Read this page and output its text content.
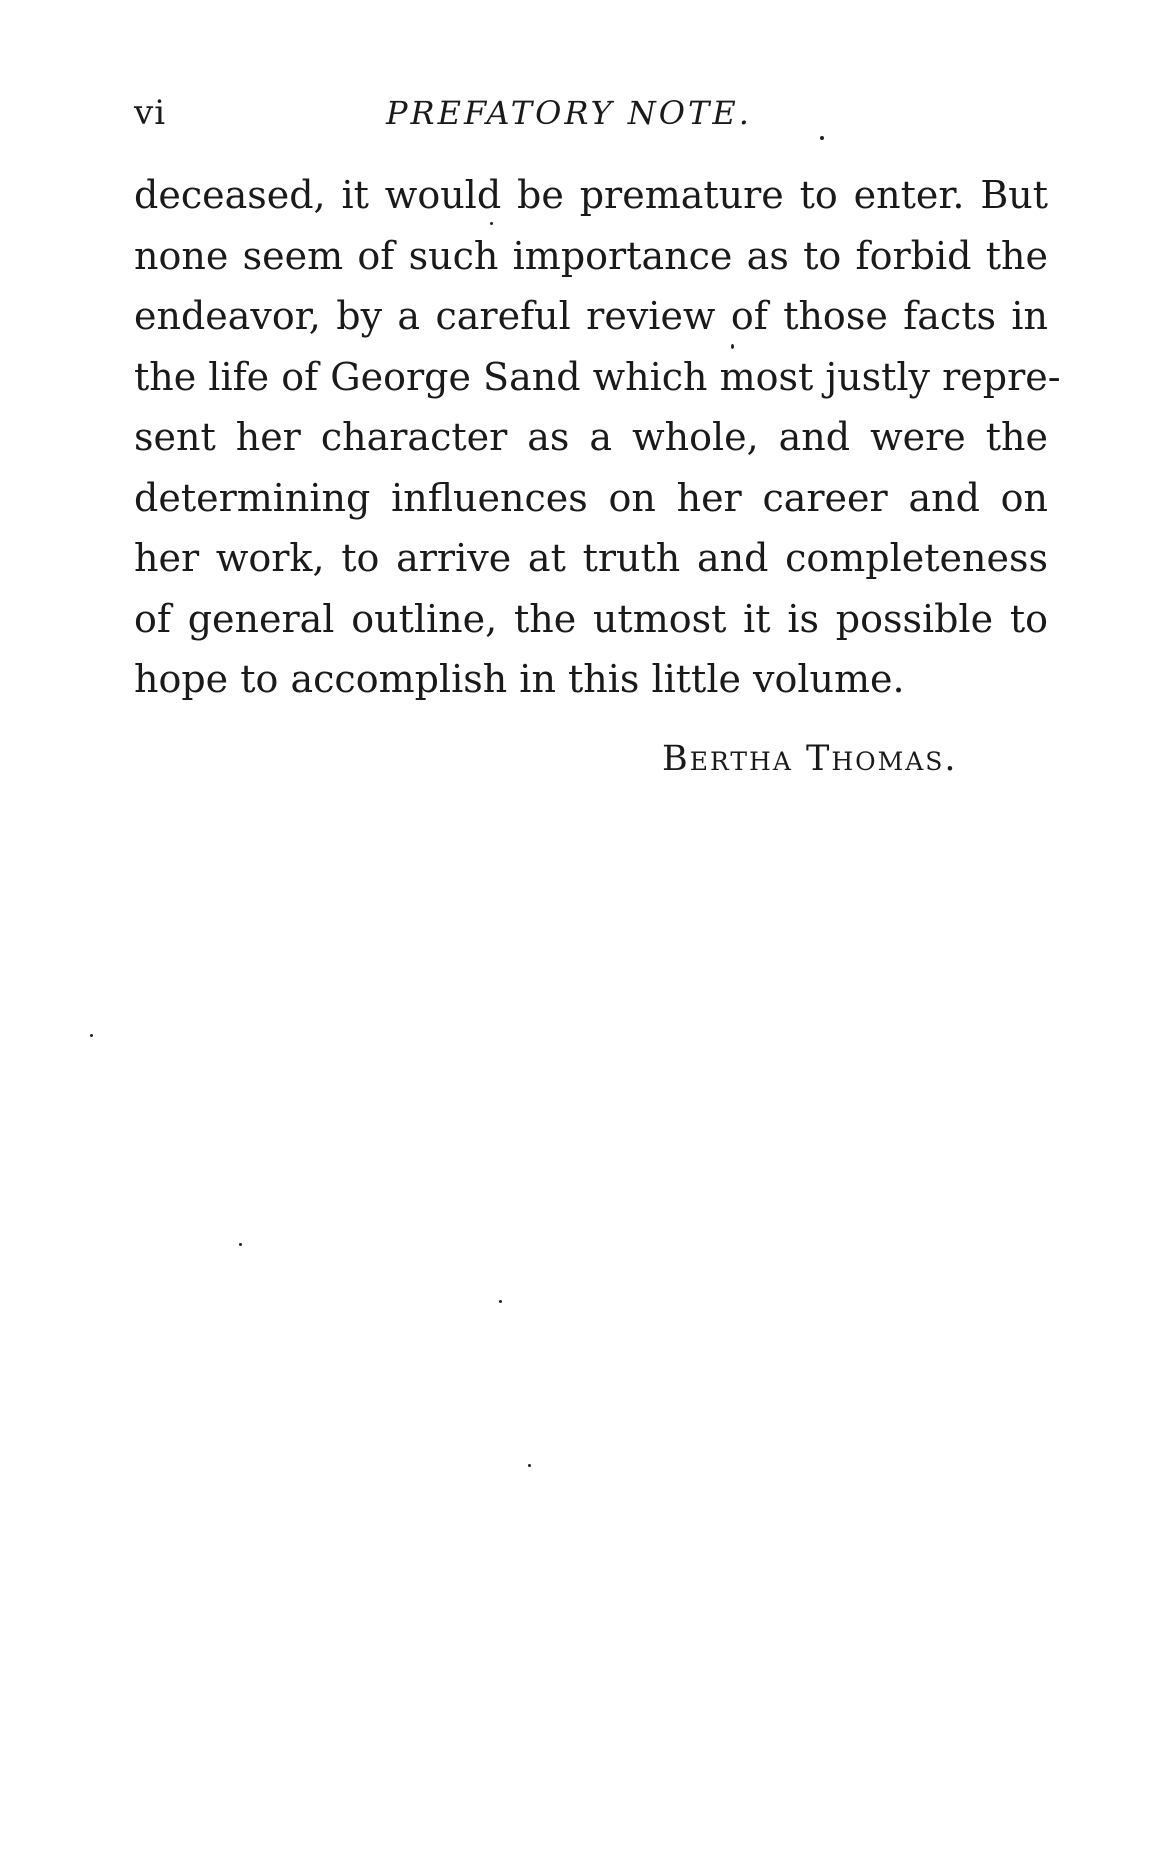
vi	PREFATORY NOTE.
deceased, it would be premature to enter. But
none seem of such importance as to forbid the
endeavor, by a careful review of those facts in
the life of George Sand which most justly repre-
sent her character as a whole, and were the
determining influences on her career and on
her work, to arrive at truth and completeness
of general outline, the utmost it is possible to
hope to accomplish in this little volume.
Bertha Thomas.
